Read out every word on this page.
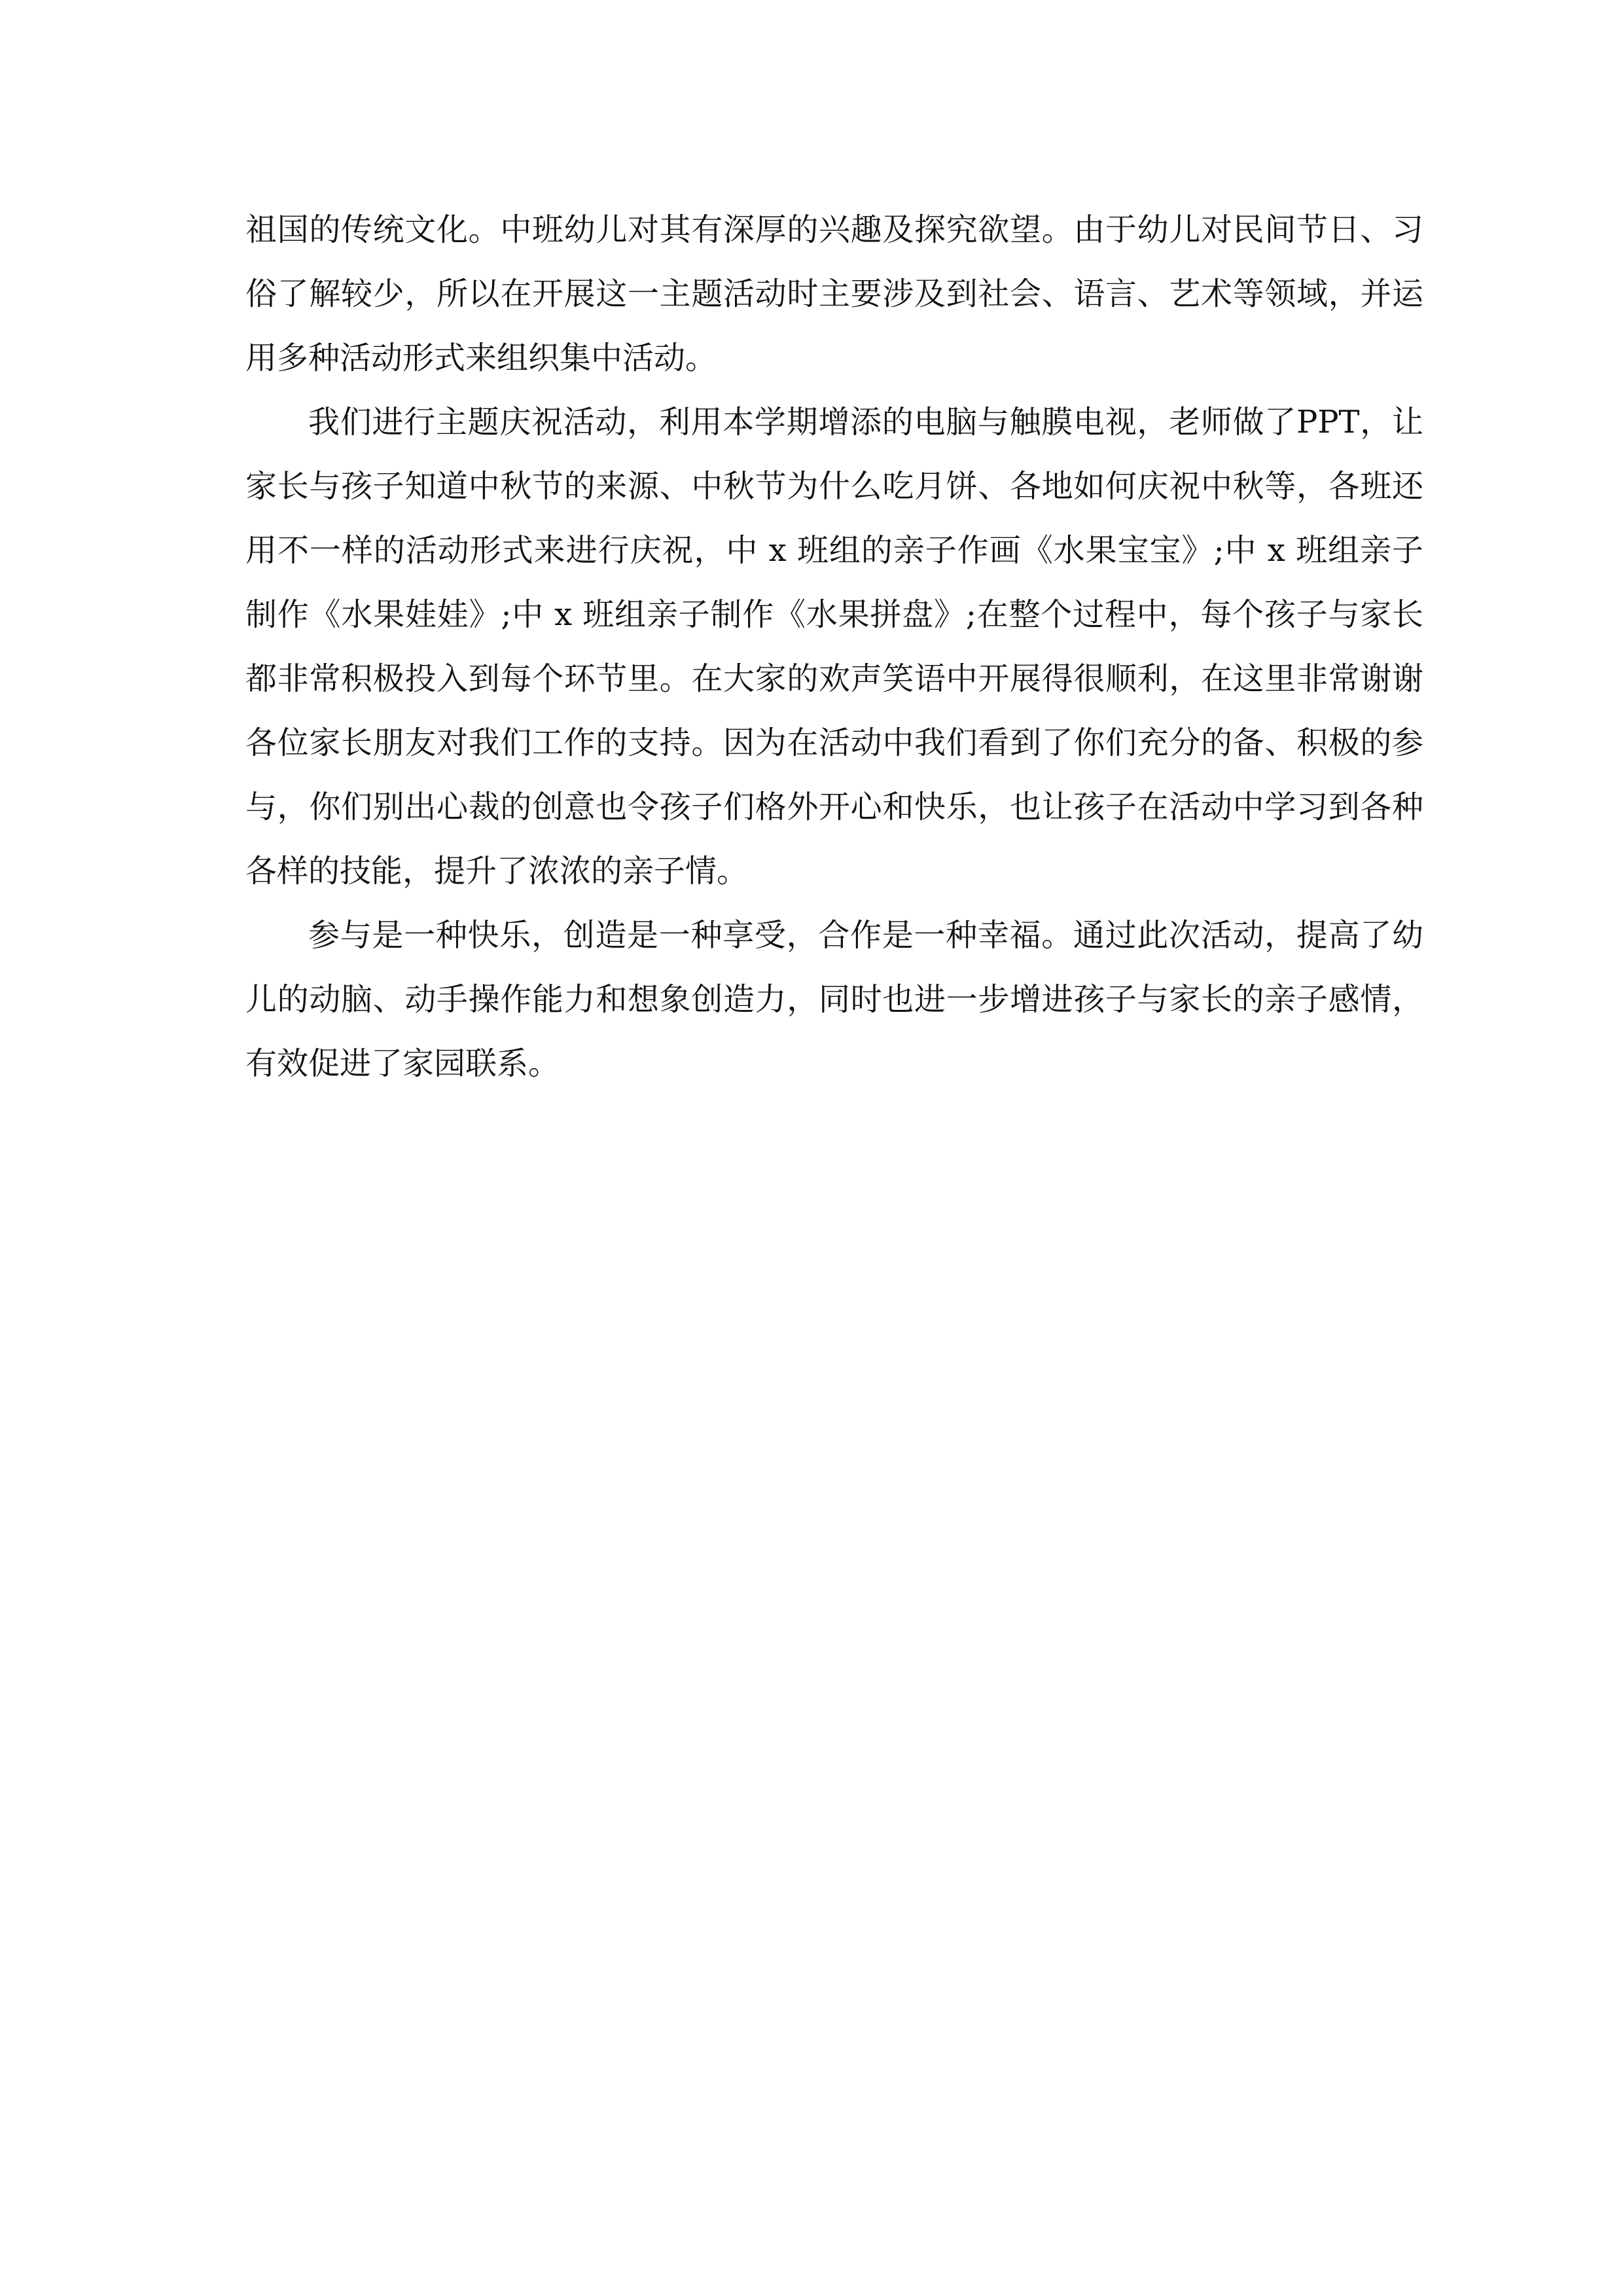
祖国的传统文化。中班幼儿对其有深厚的兴趣及探究欲望。由于幼儿对民间节日、习俗了解较少，所以在开展这一主题活动时主要涉及到社会、语言、艺术等领域，并运用多种活动形式来组织集中活动。

我们进行主题庆祝活动，利用本学期增添的电脑与触膜电视，老师做了PPT，让家长与孩子知道中秋节的来源、中秋节为什么吃月饼、各地如何庆祝中秋等，各班还用不一样的活动形式来进行庆祝，中 x 班组的亲子作画《水果宝宝》;中 x 班组亲子制作《水果娃娃》;中 x 班组亲子制作《水果拼盘》;在整个过程中，每个孩子与家长都非常积极投入到每个环节里。在大家的欢声笑语中开展得很顺利，在这里非常谢谢各位家长朋友对我们工作的支持。因为在活动中我们看到了你们充分的备、积极的参与，你们别出心裁的创意也令孩子们格外开心和快乐，也让孩子在活动中学习到各种各样的技能，提升了浓浓的亲子情。

参与是一种快乐，创造是一种享受，合作是一种幸福。通过此次活动，提高了幼儿的动脑、动手操作能力和想象创造力，同时也进一步增进孩子与家长的亲子感情，有效促进了家园联系。
